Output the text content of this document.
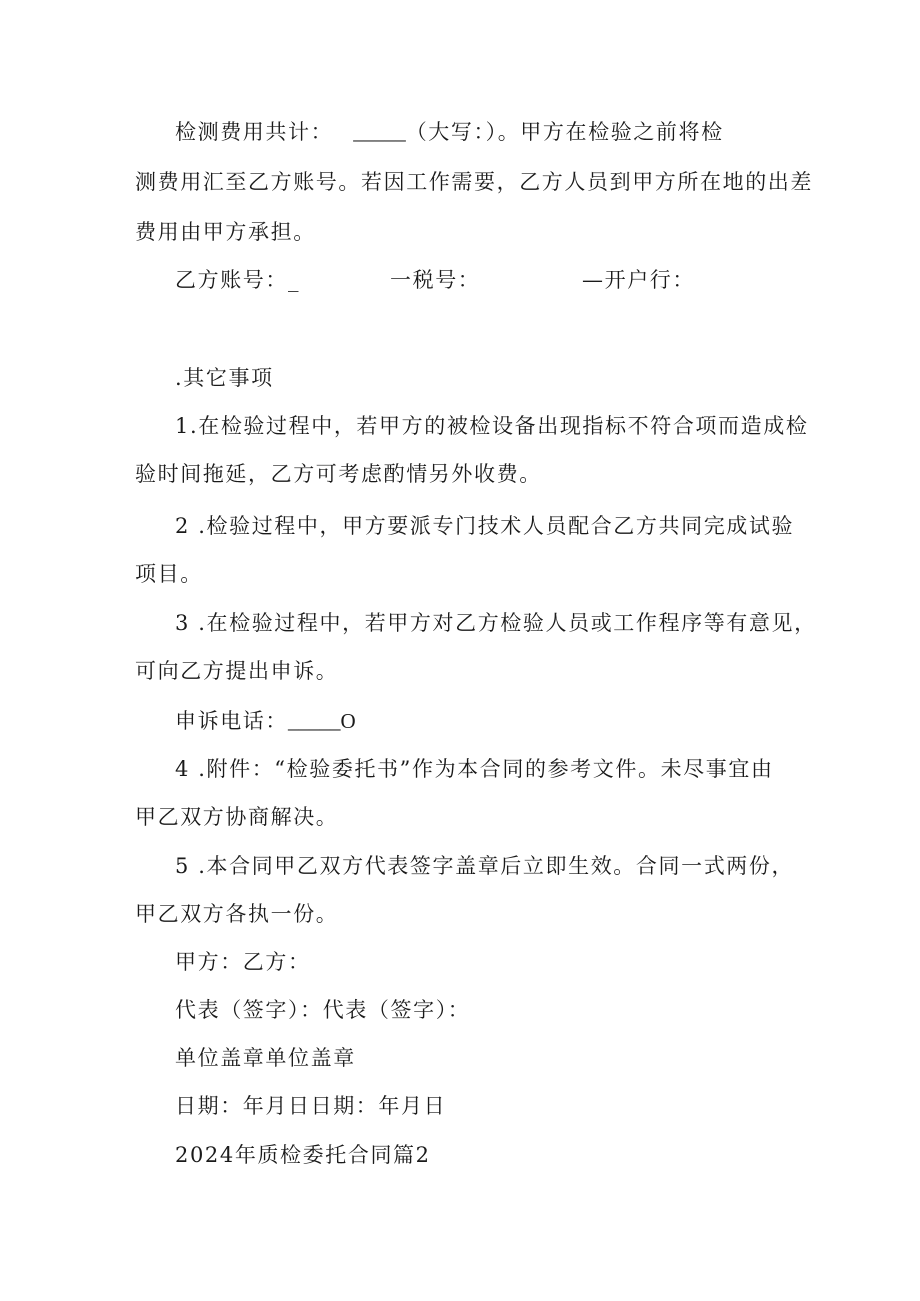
检测费用共计： _____（大写：）。甲方在检验之前将检
测费用汇至乙方账号。若因工作需要，乙方人员到甲方所在地的出差
费用由甲方承担。
乙方账号：_	一税号：	—开户行：
.其它事项
1.在检验过程中，若甲方的被检设备出现指标不符合项而造成检
验时间拖延，乙方可考虑酌情另外收费。
2 .检验过程中，甲方要派专门技术人员配合乙方共同完成试验
项目。
3 .在检验过程中，若甲方对乙方检验人员或工作程序等有意见，
可向乙方提出申诉。
申诉电话：_____O
4 .附件：“检验委托书”作为本合同的参考文件。未尽事宜由
甲乙双方协商解决。
5 .本合同甲乙双方代表签字盖章后立即生效。合同一式两份，
甲乙双方各执一份。
甲方：乙方：
代表（签字）：代表（签字）：
单位盖章单位盖章
日期：年月日日期：年月日
2024年质检委托合同篇2
